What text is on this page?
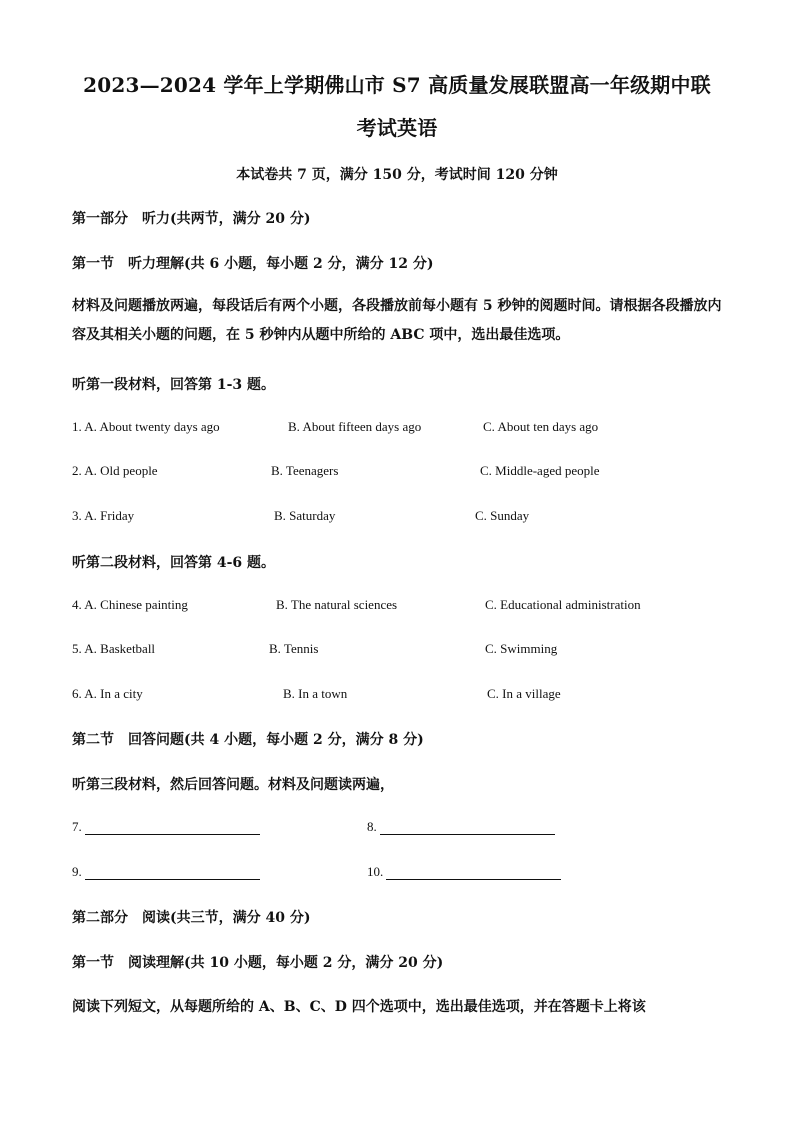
2023—2024 学年上学期佛山市 S7 高质量发展联盟高一年级期中联
考试英语
本试卷共 7 页，满分 150 分，考试时间 120 分钟
第一部分　听力(共两节，满分 20 分)
第一节　听力理解(共 6 小题，每小题 2 分，满分 12 分)
材料及问题播放两遍，每段话后有两个小题，各段播放前每小题有 5 秒钟的阅题时间。请根据各段播放内容及其相关小题的问题，在 5 秒钟内从题中所给的 ABC 项中，选出最佳选项。
听第一段材料，回答第 1-3 题。
1. A. About twenty days ago	B. About fifteen days ago	C. About ten days ago
2. A. Old people	B. Teenagers	C. Middle-aged people
3. A. Friday	B. Saturday	C. Sunday
听第二段材料，回答第 4-6 题。
4. A. Chinese painting	B. The natural sciences	C. Educational administration
5. A. Basketball	B. Tennis	C. Swimming
6. A. In a city	B. In a town	C. In a village
第二节　回答问题(共 4 小题，每小题 2 分，满分 8 分)
听第三段材料，然后回答问题。材料及问题读两遍，
7.	8.
9.	10.
第二部分　阅读(共三节，满分 40 分)
第一节　阅读理解(共 10 小题，每小题 2 分，满分 20 分)
阅读下列短文，从每题所给的 A、B、C、D 四个选项中，选出最佳选项，并在答题卡上将该
